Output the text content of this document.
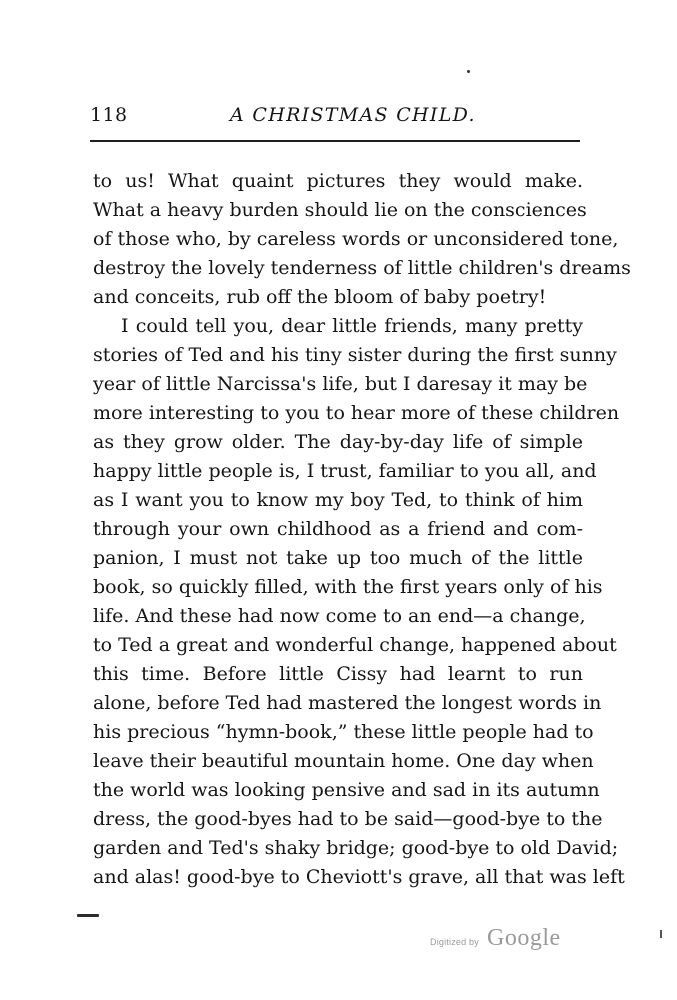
118	A CHRISTMAS CHILD.
to us! What quaint pictures they would make.
What a heavy burden should lie on the consciences
of those who, by careless words or unconsidered tone,
destroy the lovely tenderness of little children's dreams
and conceits, rub off the bloom of baby poetry!
I could tell you, dear little friends, many pretty
stories of Ted and his tiny sister during the first sunny
year of little Narcissa's life, but I daresay it may be
more interesting to you to hear more of these children
as they grow older. The day-by-day life of simple
happy little people is, I trust, familiar to you all, and
as I want you to know my boy Ted, to think of him
through your own childhood as a friend and com-
panion, I must not take up too much of the little
book, so quickly filled, with the first years only of his
life. And these had now come to an end—a change,
to Ted a great and wonderful change, happened about
this time. Before little Cissy had learnt to run
alone, before Ted had mastered the longest words in
his precious “hymn-book,” these little people had to
leave their beautiful mountain home. One day when
the world was looking pensive and sad in its autumn
dress, the good-byes had to be said—good-bye to the
garden and Ted's shaky bridge; good-bye to old David;
and alas! good-bye to Cheviott's grave, all that was left
Digitized by Google
